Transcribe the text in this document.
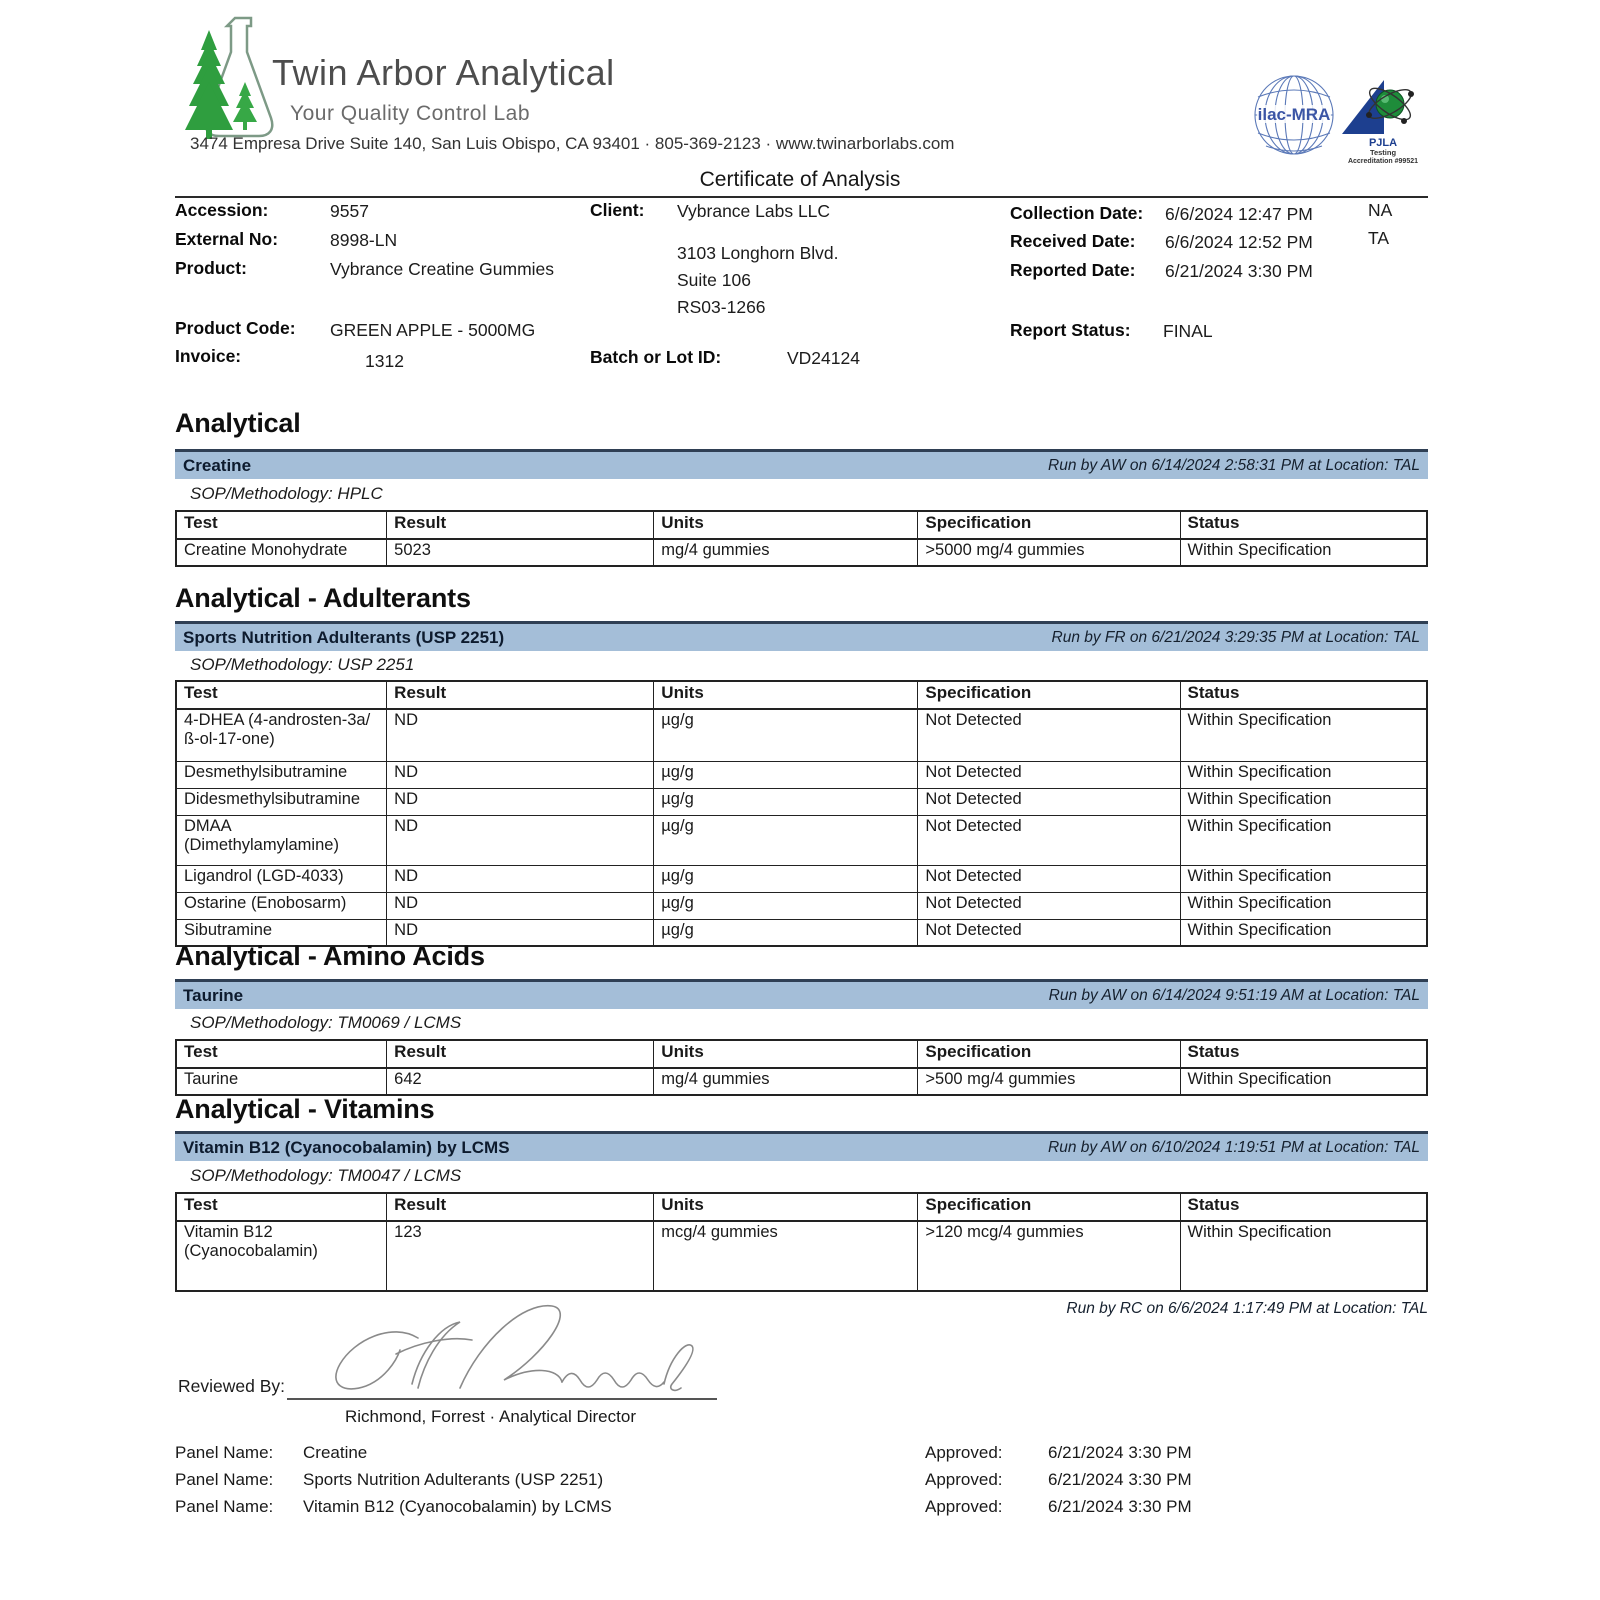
Twin Arbor Analytical
Your Quality Control Lab
3474 Empresa Drive Suite 140, San Luis Obispo, CA 93401 · 805-369-2123 · www.twinarborlabs.com
ilac-MRA
PJLA
Testing
Accreditation #99521
Certificate of Analysis
Accession:	9557
External No:	8998-LN
Product:	Vybrance Creatine Gummies
Product Code: GREEN APPLE - 5000MG
Invoice:	1312
Client: Vybrance Labs LLC
3103 Longhorn Blvd.
Suite 106
RS03-1266
Batch or Lot ID:	VD24124
Collection Date: 6/6/2024 12:47 PM	NA
Received Date: 6/6/2024 12:52 PM	TA
Reported Date: 6/21/2024 3:30 PM
Report Status: FINAL
Analytical
Creatine	Run by AW on 6/14/2024 2:58:31 PM at Location: TAL
SOP/Methodology: HPLC
Test	Result	Units	Specification	Status
Creatine Monohydrate	5023	mg/4 gummies	>5000 mg/4 gummies	Within Specification
Analytical - Adulterants
Sports Nutrition Adulterants (USP 2251)	Run by FR on 6/21/2024 3:29:35 PM at Location: TAL
SOP/Methodology: USP 2251
Test	Result	Units	Specification	Status
4-DHEA (4-androsten-3a/ß-ol-17-one)	ND	µg/g	Not Detected	Within Specification
Desmethylsibutramine	ND	µg/g	Not Detected	Within Specification
Didesmethylsibutramine	ND	µg/g	Not Detected	Within Specification
DMAA (Dimethylamylamine)	ND	µg/g	Not Detected	Within Specification
Ligandrol (LGD-4033)	ND	µg/g	Not Detected	Within Specification
Ostarine (Enobosarm)	ND	µg/g	Not Detected	Within Specification
Sibutramine	ND	µg/g	Not Detected	Within Specification
Analytical - Amino Acids
Taurine	Run by AW on 6/14/2024 9:51:19 AM at Location: TAL
SOP/Methodology: TM0069 / LCMS
Test	Result	Units	Specification	Status
Taurine	642	mg/4 gummies	>500 mg/4 gummies	Within Specification
Analytical - Vitamins
Vitamin B12 (Cyanocobalamin) by LCMS	Run by AW on 6/10/2024 1:19:51 PM at Location: TAL
SOP/Methodology: TM0047 / LCMS
Test	Result	Units	Specification	Status
Vitamin B12 (Cyanocobalamin)	123	mcg/4 gummies	>120 mcg/4 gummies	Within Specification
Run by RC on 6/6/2024 1:17:49 PM at Location: TAL
Reviewed By:
Richmond, Forrest · Analytical Director
Panel Name: Creatine	Approved:	6/21/2024 3:30 PM
Panel Name: Sports Nutrition Adulterants (USP 2251)	Approved:	6/21/2024 3:30 PM
Panel Name: Vitamin B12 (Cyanocobalamin) by LCMS	Approved:	6/21/2024 3:30 PM
